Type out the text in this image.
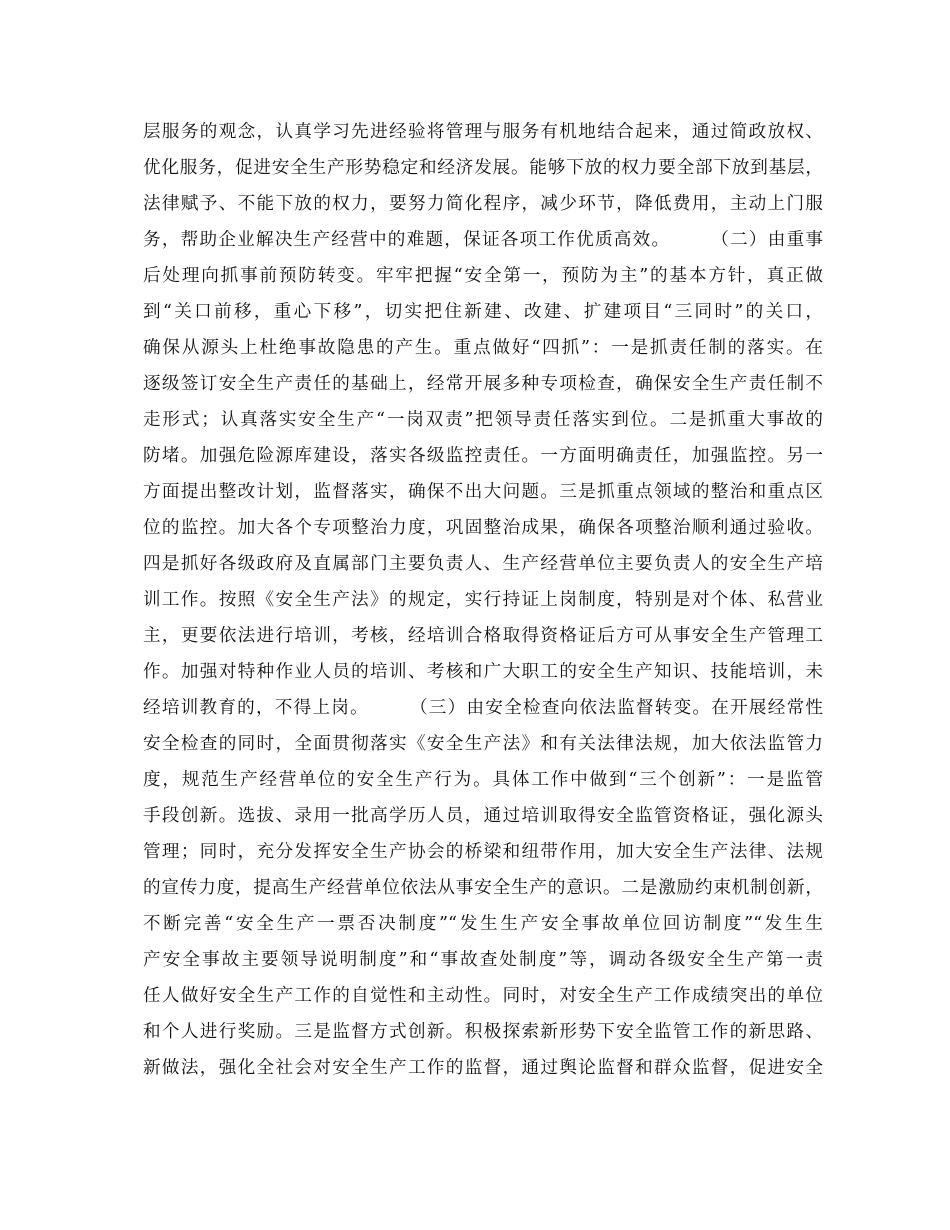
层服务的观念，认真学习先进经验将管理与服务有机地结合起来，通过简政放权、
优化服务，促进安全生产形势稳定和经济发展。能够下放的权力要全部下放到基层，
法律赋予、不能下放的权力，要努力简化程序，减少环节，降低费用，主动上门服
务，帮助企业解决生产经营中的难题，保证各项工作优质高效。      （二）由重事
后处理向抓事前预防转变。牢牢把握“安全第一，预防为主”的基本方针，真正做
到“关口前移，重心下移”，切实把住新建、改建、扩建项目“三同时”的关口，
确保从源头上杜绝事故隐患的产生。重点做好“四抓”：一是抓责任制的落实。在
逐级签订安全生产责任的基础上，经常开展多种专项检查，确保安全生产责任制不
走形式；认真落实安全生产“一岗双责”把领导责任落实到位。二是抓重大事故的
防堵。加强危险源库建设，落实各级监控责任。一方面明确责任，加强监控。另一
方面提出整改计划，监督落实，确保不出大问题。三是抓重点领域的整治和重点区
位的监控。加大各个专项整治力度，巩固整治成果，确保各项整治顺利通过验收。
四是抓好各级政府及直属部门主要负责人、生产经营单位主要负责人的安全生产培
训工作。按照《安全生产法》的规定，实行持证上岗制度，特别是对个体、私营业
主，更要依法进行培训，考核，经培训合格取得资格证后方可从事安全生产管理工
作。加强对特种作业人员的培训、考核和广大职工的安全生产知识、技能培训，未
经培训教育的，不得上岗。      （三）由安全检查向依法监督转变。在开展经常性
安全检查的同时，全面贯彻落实《安全生产法》和有关法律法规，加大依法监管力
度，规范生产经营单位的安全生产行为。具体工作中做到“三个创新”：一是监管
手段创新。选拔、录用一批高学历人员，通过培训取得安全监管资格证，强化源头
管理；同时，充分发挥安全生产协会的桥梁和纽带作用，加大安全生产法律、法规
的宣传力度，提高生产经营单位依法从事安全生产的意识。二是激励约束机制创新，
不断完善“安全生产一票否决制度”“发生生产安全事故单位回访制度”“发生生
产安全事故主要领导说明制度”和“事故查处制度”等，调动各级安全生产第一责
任人做好安全生产工作的自觉性和主动性。同时，对安全生产工作成绩突出的单位
和个人进行奖励。三是监督方式创新。积极探索新形势下安全监管工作的新思路、
新做法，强化全社会对安全生产工作的监督，通过舆论监督和群众监督，促进安全
